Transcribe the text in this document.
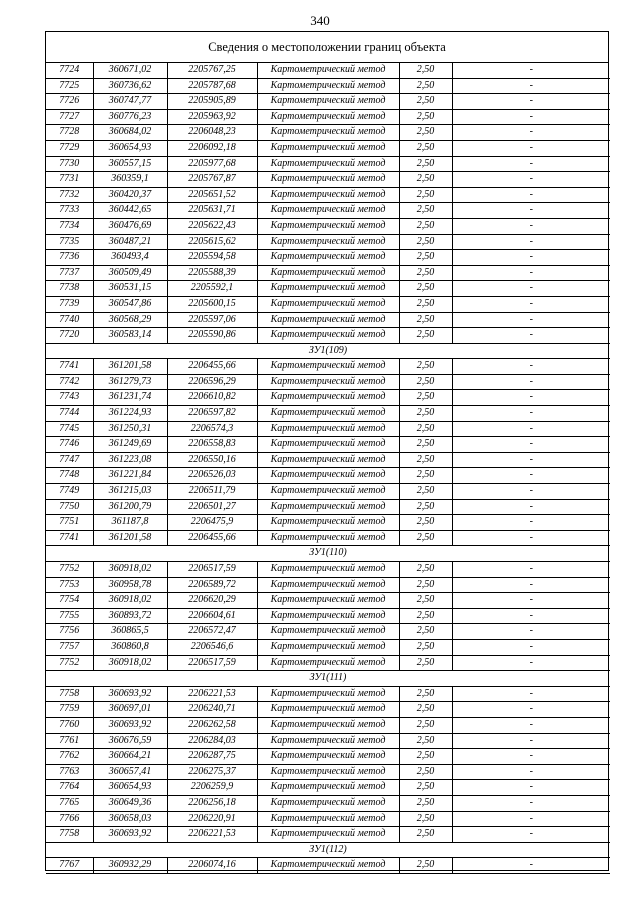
340
Сведения о местоположении границ объекта
7724	360671,02	2205767,25	Картометрический метод	2,50	-
7725	360736,62	2205787,68	Картометрический метод	2,50	-
7726	360747,77	2205905,89	Картометрический метод	2,50	-
7727	360776,23	2205963,92	Картометрический метод	2,50	-
7728	360684,02	2206048,23	Картометрический метод	2,50	-
7729	360654,93	2206092,18	Картометрический метод	2,50	-
7730	360557,15	2205977,68	Картометрический метод	2,50	-
7731	360359,1	2205767,87	Картометрический метод	2,50	-
7732	360420,37	2205651,52	Картометрический метод	2,50	-
7733	360442,65	2205631,71	Картометрический метод	2,50	-
7734	360476,69	2205622,43	Картометрический метод	2,50	-
7735	360487,21	2205615,62	Картометрический метод	2,50	-
7736	360493,4	2205594,58	Картометрический метод	2,50	-
7737	360509,49	2205588,39	Картометрический метод	2,50	-
7738	360531,15	2205592,1	Картометрический метод	2,50	-
7739	360547,86	2205600,15	Картометрический метод	2,50	-
7740	360568,29	2205597,06	Картометрический метод	2,50	-
7720	360583,14	2205590,86	Картометрический метод	2,50	-
ЗУ1(109)					
7741	361201,58	2206455,66	Картометрический метод	2,50	-
7742	361279,73	2206596,29	Картометрический метод	2,50	-
7743	361231,74	2206610,82	Картометрический метод	2,50	-
7744	361224,93	2206597,82	Картометрический метод	2,50	-
7745	361250,31	2206574,3	Картометрический метод	2,50	-
7746	361249,69	2206558,83	Картометрический метод	2,50	-
7747	361223,08	2206550,16	Картометрический метод	2,50	-
7748	361221,84	2206526,03	Картометрический метод	2,50	-
7749	361215,03	2206511,79	Картометрический метод	2,50	-
7750	361200,79	2206501,27	Картометрический метод	2,50	-
7751	361187,8	2206475,9	Картометрический метод	2,50	-
7741	361201,58	2206455,66	Картометрический метод	2,50	-
ЗУ1(110)					
7752	360918,02	2206517,59	Картометрический метод	2,50	-
7753	360958,78	2206589,72	Картометрический метод	2,50	-
7754	360918,02	2206620,29	Картометрический метод	2,50	-
7755	360893,72	2206604,61	Картометрический метод	2,50	-
7756	360865,5	2206572,47	Картометрический метод	2,50	-
7757	360860,8	2206546,6	Картометрический метод	2,50	-
7752	360918,02	2206517,59	Картометрический метод	2,50	-
ЗУ1(111)					
7758	360693,92	2206221,53	Картометрический метод	2,50	-
7759	360697,01	2206240,71	Картометрический метод	2,50	-
7760	360693,92	2206262,58	Картометрический метод	2,50	-
7761	360676,59	2206284,03	Картометрический метод	2,50	-
7762	360664,21	2206287,75	Картометрический метод	2,50	-
7763	360657,41	2206275,37	Картометрический метод	2,50	-
7764	360654,93	2206259,9	Картометрический метод	2,50	-
7765	360649,36	2206256,18	Картометрический метод	2,50	-
7766	360658,03	2206220,91	Картометрический метод	2,50	-
7758	360693,92	2206221,53	Картометрический метод	2,50	-
ЗУ1(112)					
7767	360932,29	2206074,16	Картометрический метод	2,50	-
